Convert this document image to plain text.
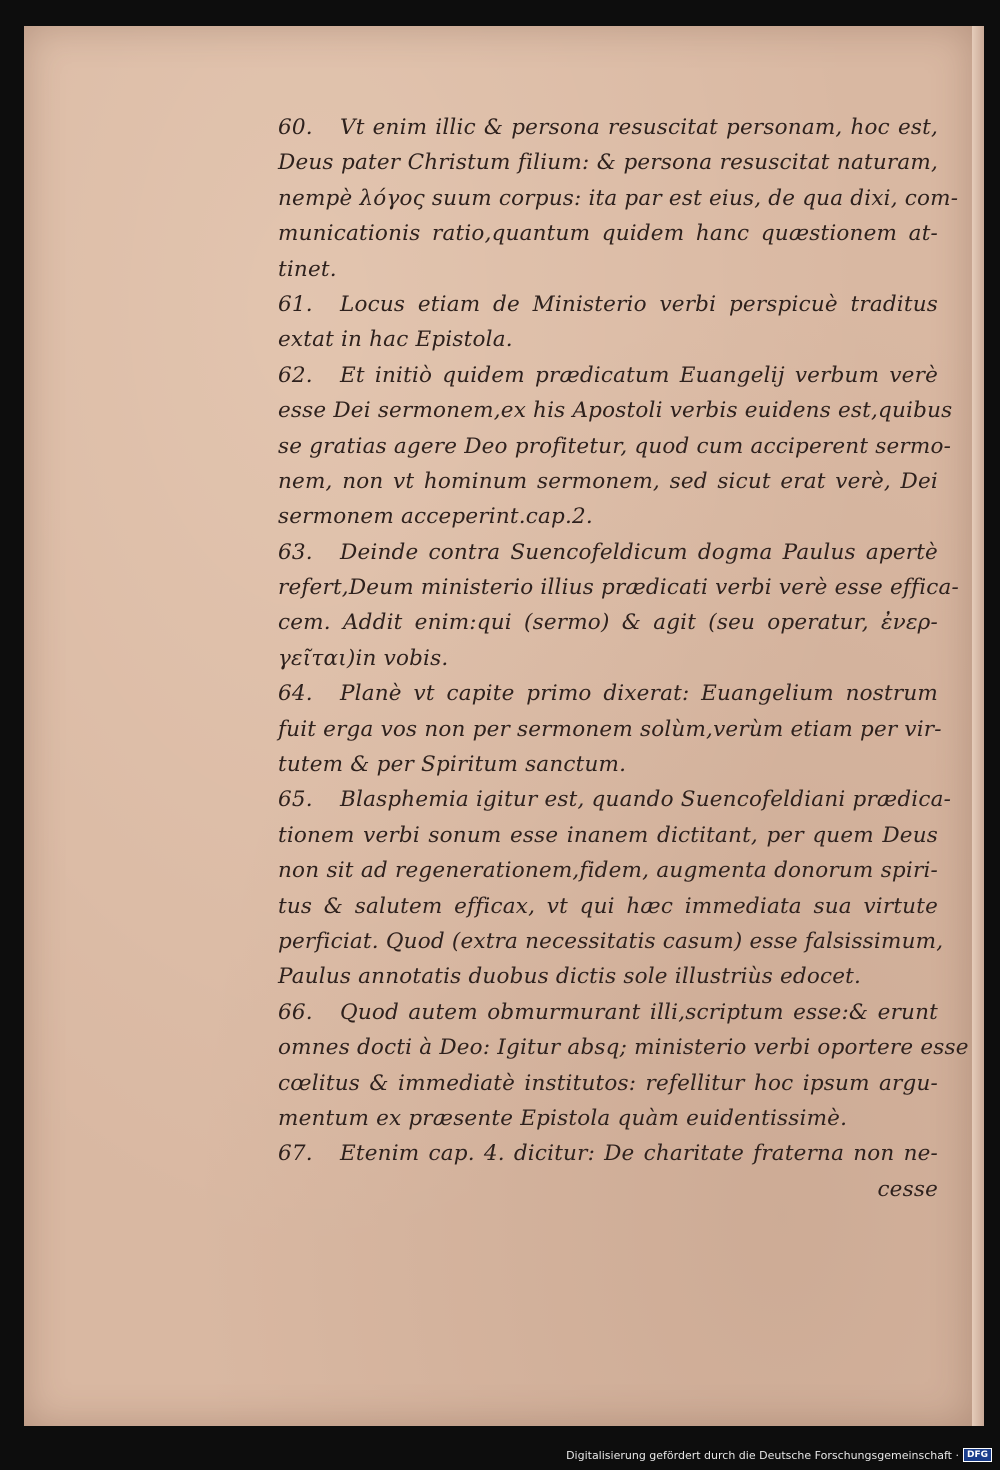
60. Vt enim illic & persona resuscitat personam, hoc est,
Deus pater Christum filium: & persona resuscitat naturam,
nempè λόγος suum corpus: ita par est eius, de qua dixi, com-
municationis ratio,quantum quidem hanc quæstionem at-
tinet.
61. Locus etiam de Ministerio verbi perspicuè traditus
extat in hac Epistola.
62. Et initiò quidem prædicatum Euangelij verbum verè
esse Dei sermonem,ex his Apostoli verbis euidens est,quibus
se gratias agere Deo profitetur, quod cum acciperent sermo-
nem, non vt hominum sermonem, sed sicut erat verè, Dei
sermonem acceperint.cap.2.
63. Deinde contra Suencofeldicum dogma Paulus apertè
refert,Deum ministerio illius prædicati verbi verè esse effica-
cem. Addit enim:qui (sermo) & agit (seu operatur, ἐνερ-
γεῖται)in vobis.
64. Planè vt capite primo dixerat: Euangelium nostrum
fuit erga vos non per sermonem solùm,verùm etiam per vir-
tutem & per Spiritum sanctum.
65. Blasphemia igitur est, quando Suencofeldiani prædica-
tionem verbi sonum esse inanem dictitant, per quem Deus
non sit ad regenerationem,fidem, augmenta donorum spiri-
tus & salutem efficax, vt qui hæc immediata sua virtute
perficiat. Quod (extra necessitatis casum) esse falsissimum,
Paulus annotatis duobus dictis sole illustriùs edocet.
66. Quod autem obmurmurant illi,scriptum esse:& erunt
omnes docti à Deo: Igitur absq; ministerio verbi oportere esse
cœlitus & immediatè institutos: refellitur hoc ipsum argu-
mentum ex præsente Epistola quàm euidentissimè.
67. Etenim cap. 4. dicitur: De charitate fraterna non ne-
cesse
Digitalisierung gefördert durch die Deutsche Forschungsgemeinschaft · DFG
